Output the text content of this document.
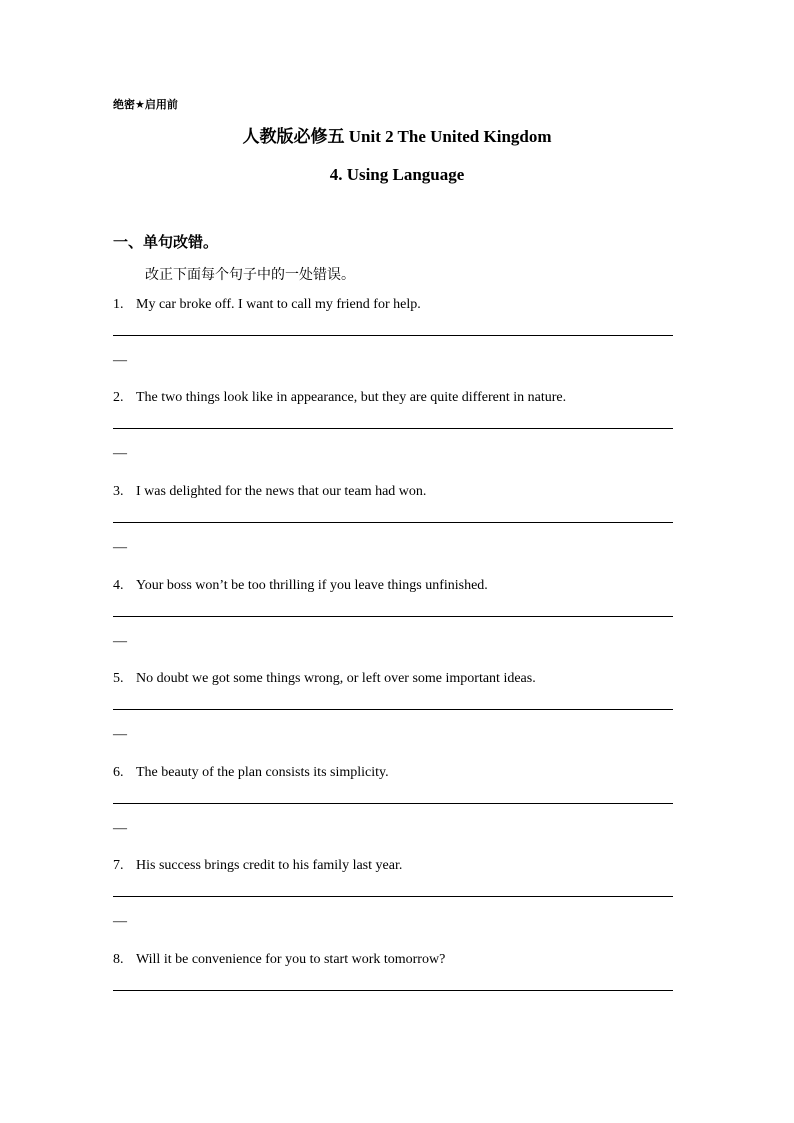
绝密★启用前
人教版必修五 Unit 2 The United Kingdom
4. Using Language
一、单句改错。
改正下面每个句子中的一处错误。
1. My car broke off. I want to call my friend for help.
—
2. The two things look like in appearance, but they are quite different in nature.
—
3. I was delighted for the news that our team had won.
—
4. Your boss won’t be too thrilling if you leave things unfinished.
—
5. No doubt we got some things wrong, or left over some important ideas.
—
6. The beauty of the plan consists its simplicity.
—
7. His success brings credit to his family last year.
—
8. Will it be convenience for you to start work tomorrow?
